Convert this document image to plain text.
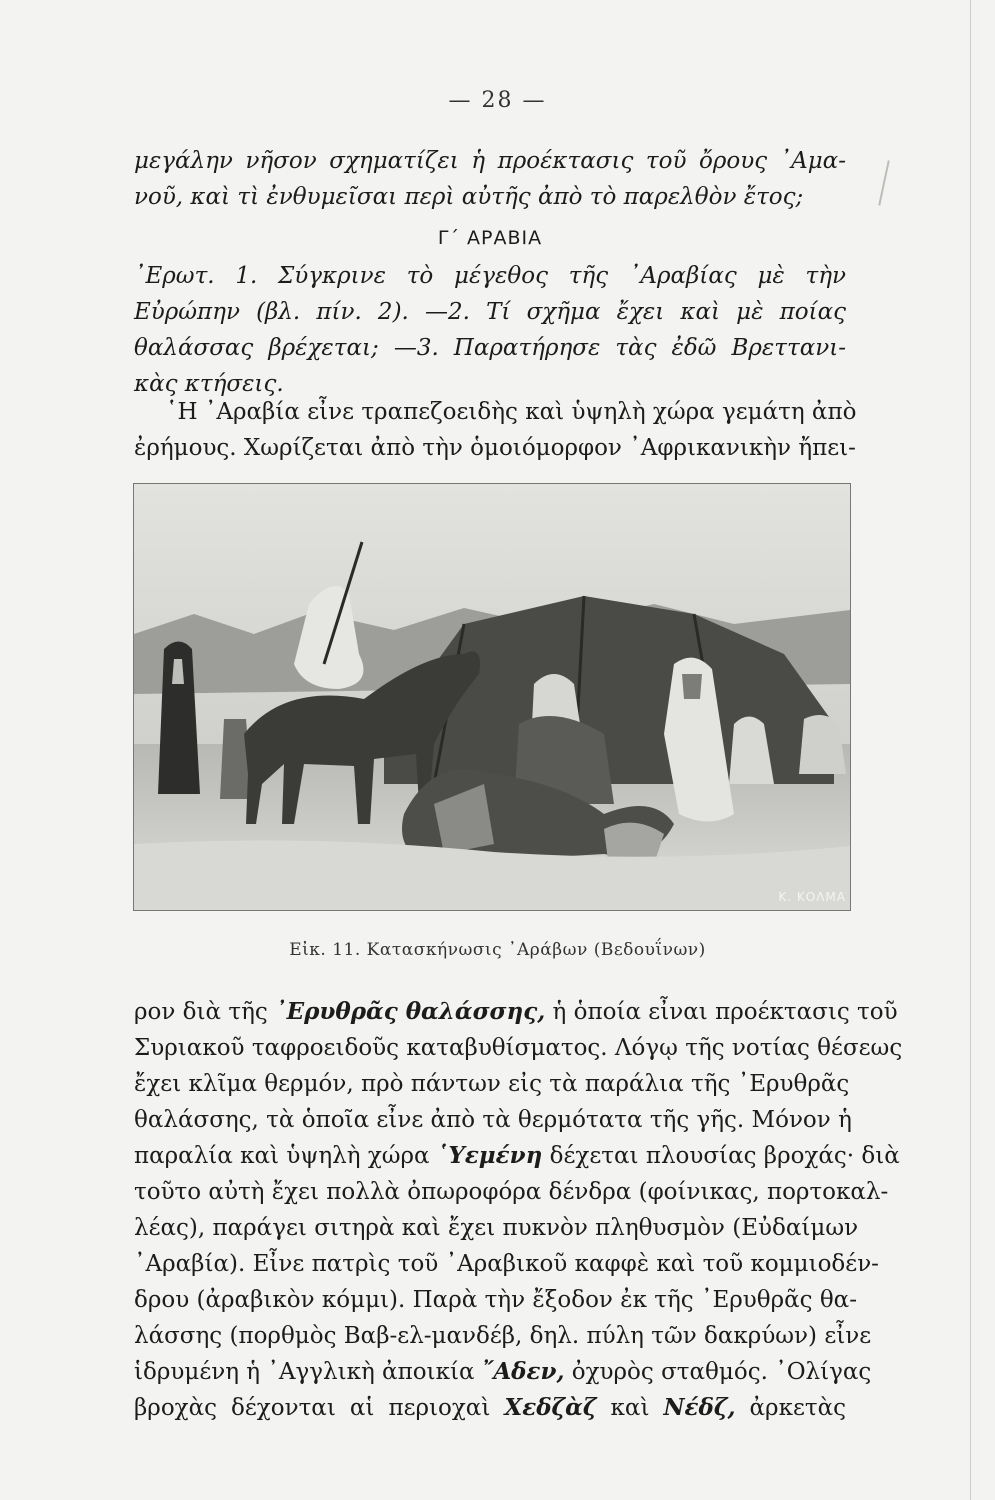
— 28 —
μεγάλην νῆσον σχηματίζει ἡ προέκτασις τοῦ ὄρους ᾿Αμα-
νοῦ, καὶ τὶ ἐνθυμεῖσαι περὶ αὐτῆς ἀπὸ τὸ παρελθὸν ἔτος;
Γ΄ ΑΡΑΒΙΑ
᾿Ερωτ. 1. Σύγκρινε τὸ μέγεθος τῆς ᾿Αραβίας μὲ τὴν
Εὐρώπην (βλ. πίν. 2). —2. Τί σχῆμα ἔχει καὶ μὲ ποίας
θαλάσσας βρέχεται; —3. Παρατήρησε τὰς ἐδῶ Βρεττανι-
κὰς κτήσεις.
῾Η ᾿Αραβία εἶνε τραπεζοειδὴς καὶ ὑψηλὴ χώρα γεμάτη ἀπὸ
ἐρήμους. Χωρίζεται ἀπὸ τὴν ὁμοιόμορφον ᾿Αφρικανικὴν ἤπει-
Κ. ΚΟΛΜΑ
Εἰκ. 11. Κατασκήνωσις ᾿Αράβων (Βεδουΐνων)
ρον διὰ τῆς ᾿Ερυθρᾶς θαλάσσης, ἡ ὁποία εἶναι προέκτασις τοῦ
Συριακοῦ ταφροειδοῦς καταβυθίσματος. Λόγῳ τῆς νοτίας θέσεως
ἔχει κλῖμα θερμόν, πρὸ πάντων εἰς τὰ παράλια τῆς ᾿Ερυθρᾶς
θαλάσσης, τὰ ὁποῖα εἶνε ἀπὸ τὰ θερμότατα τῆς γῆς. Μόνον ἡ
παραλία καὶ ὑψηλὴ χώρα ῾Υεμένη δέχεται πλουσίας βροχάς· διὰ
τοῦτο αὐτὴ ἔχει πολλὰ ὀπωροφόρα δένδρα (φοίνικας, πορτοκαλ-
λέας), παράγει σιτηρὰ καὶ ἔχει πυκνὸν πληθυσμὸν (Εὐδαίμων
᾿Αραβία). Εἶνε πατρὶς τοῦ ᾿Αραβικοῦ καφφὲ καὶ τοῦ κομμιοδέν-
δρου (ἀραβικὸν κόμμι). Παρὰ τὴν ἔξοδον ἐκ τῆς ᾿Ερυθρᾶς θα-
λάσσης (πορθμὸς Βαβ-ελ-μανδέβ, δηλ. πύλη τῶν δακρύων) εἶνε
ἱδρυμένη ἡ ᾿Αγγλικὴ ἀποικία ῎Αδεν, ὀχυρὸς σταθμός. ᾿Ολίγας
βροχὰς δέχονται αἱ περιοχαὶ Χεδζὰζ καὶ Νέδζ, ἀρκετὰς
